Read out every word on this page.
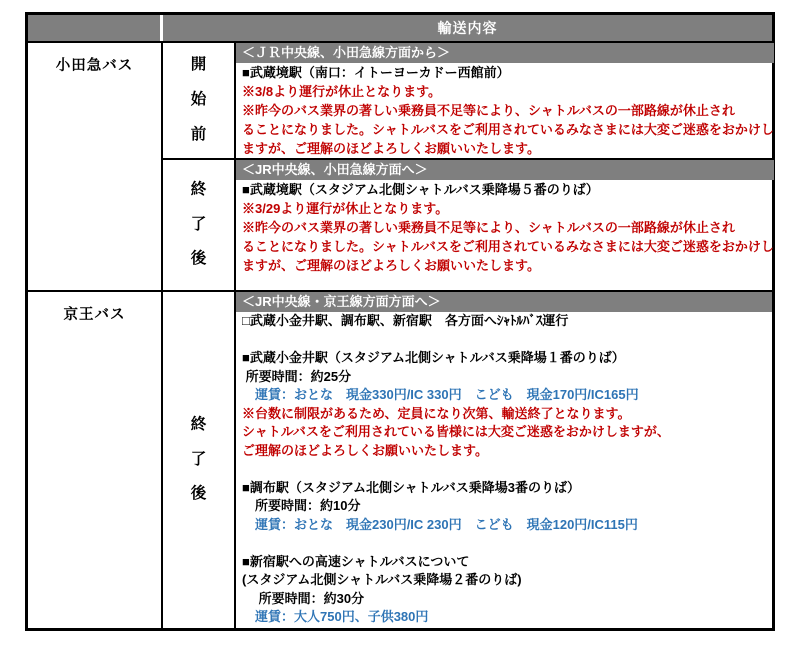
輸送内容
小田急バス	開始前
＜ＪＲ中央線、小田急線方面から＞
■武蔵境駅（南口：イトーヨーカドー西館前）
※3/8より運行が休止となります。
※昨今のバス業界の著しい乗務員不足等により、シャトルバスの一部路線が休止され
ることになりました。シャトルバスをご利用されているみなさまには大変ご迷惑をおかけし
ますが、ご理解のほどよろしくお願いいたします。
終了後
＜JR中央線、小田急線方面へ＞
■武蔵境駅（スタジアム北側シャトルバス乗降場５番のりば）
※3/29より運行が休止となります。
※昨今のバス業界の著しい乗務員不足等により、シャトルバスの一部路線が休止され
ることになりました。シャトルバスをご利用されているみなさまには大変ご迷惑をおかけし
ますが、ご理解のほどよろしくお願いいたします。
京王バス
終了後
＜JR中央線・京王線方面方面へ＞
□武蔵小金井駅、調布駅、新宿駅　各方面へｼｬﾄﾙﾊﾞｽ運行
■武蔵小金井駅（スタジアム北側シャトルバス乗降場１番のりば）
所要時間：約25分
　運賃：おとな　現金330円/IC 330円　こども　現金170円/IC165円
※台数に制限があるため、定員になり次第、輸送終了となります。
シャトルバスをご利用されている皆様には大変ご迷惑をおかけしますが、
ご理解のほどよろしくお願いいたします。
■調布駅（スタジアム北側シャトルバス乗降場3番のりば）
　所要時間：約10分
　運賃：おとな　現金230円/IC 230円　こども　現金120円/IC115円
■新宿駅への高速シャトルバスについて
(スタジアム北側シャトルバス乗降場２番のりば)
　 所要時間：約30分
　運賃：大人750円、子供380円
